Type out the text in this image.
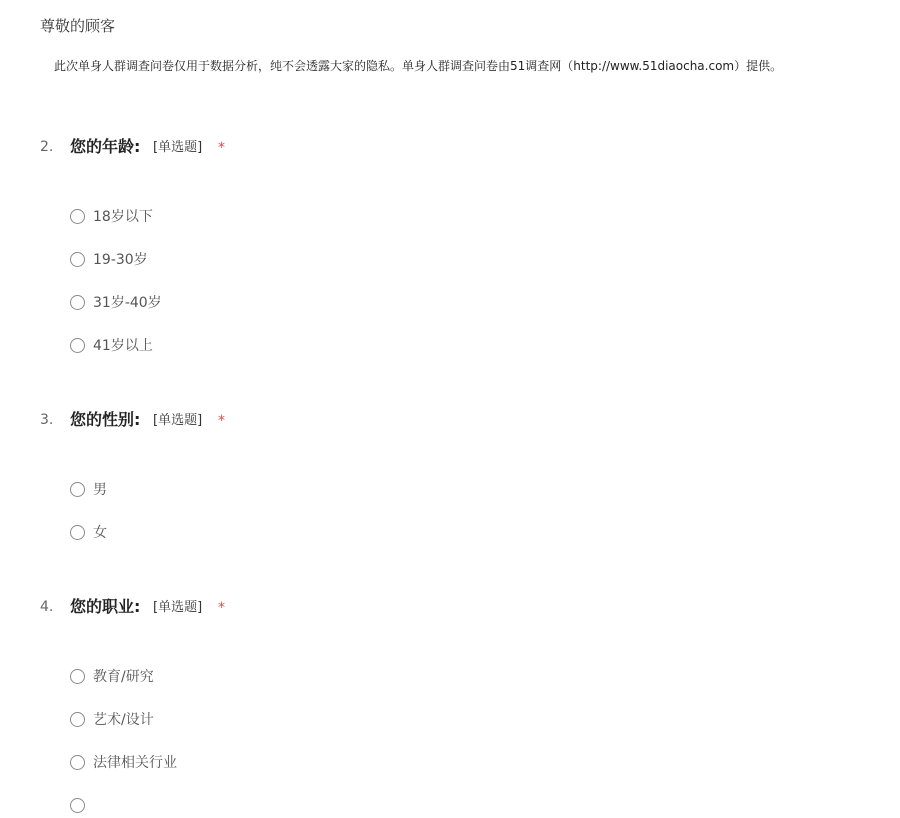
尊敬的顾客
此次单身人群调查问卷仅用于数据分析，纯不会透露大家的隐私。单身人群调查问卷由51调查网（http://www.51diaocha.com）提供。
2. 您的年龄: [单选题] *
18岁以下
19-30岁
31岁-40岁
41岁以上
3. 您的性别: [单选题] *
男
女
4. 您的职业: [单选题] *
教育/研究
艺术/设计
法律相关行业
